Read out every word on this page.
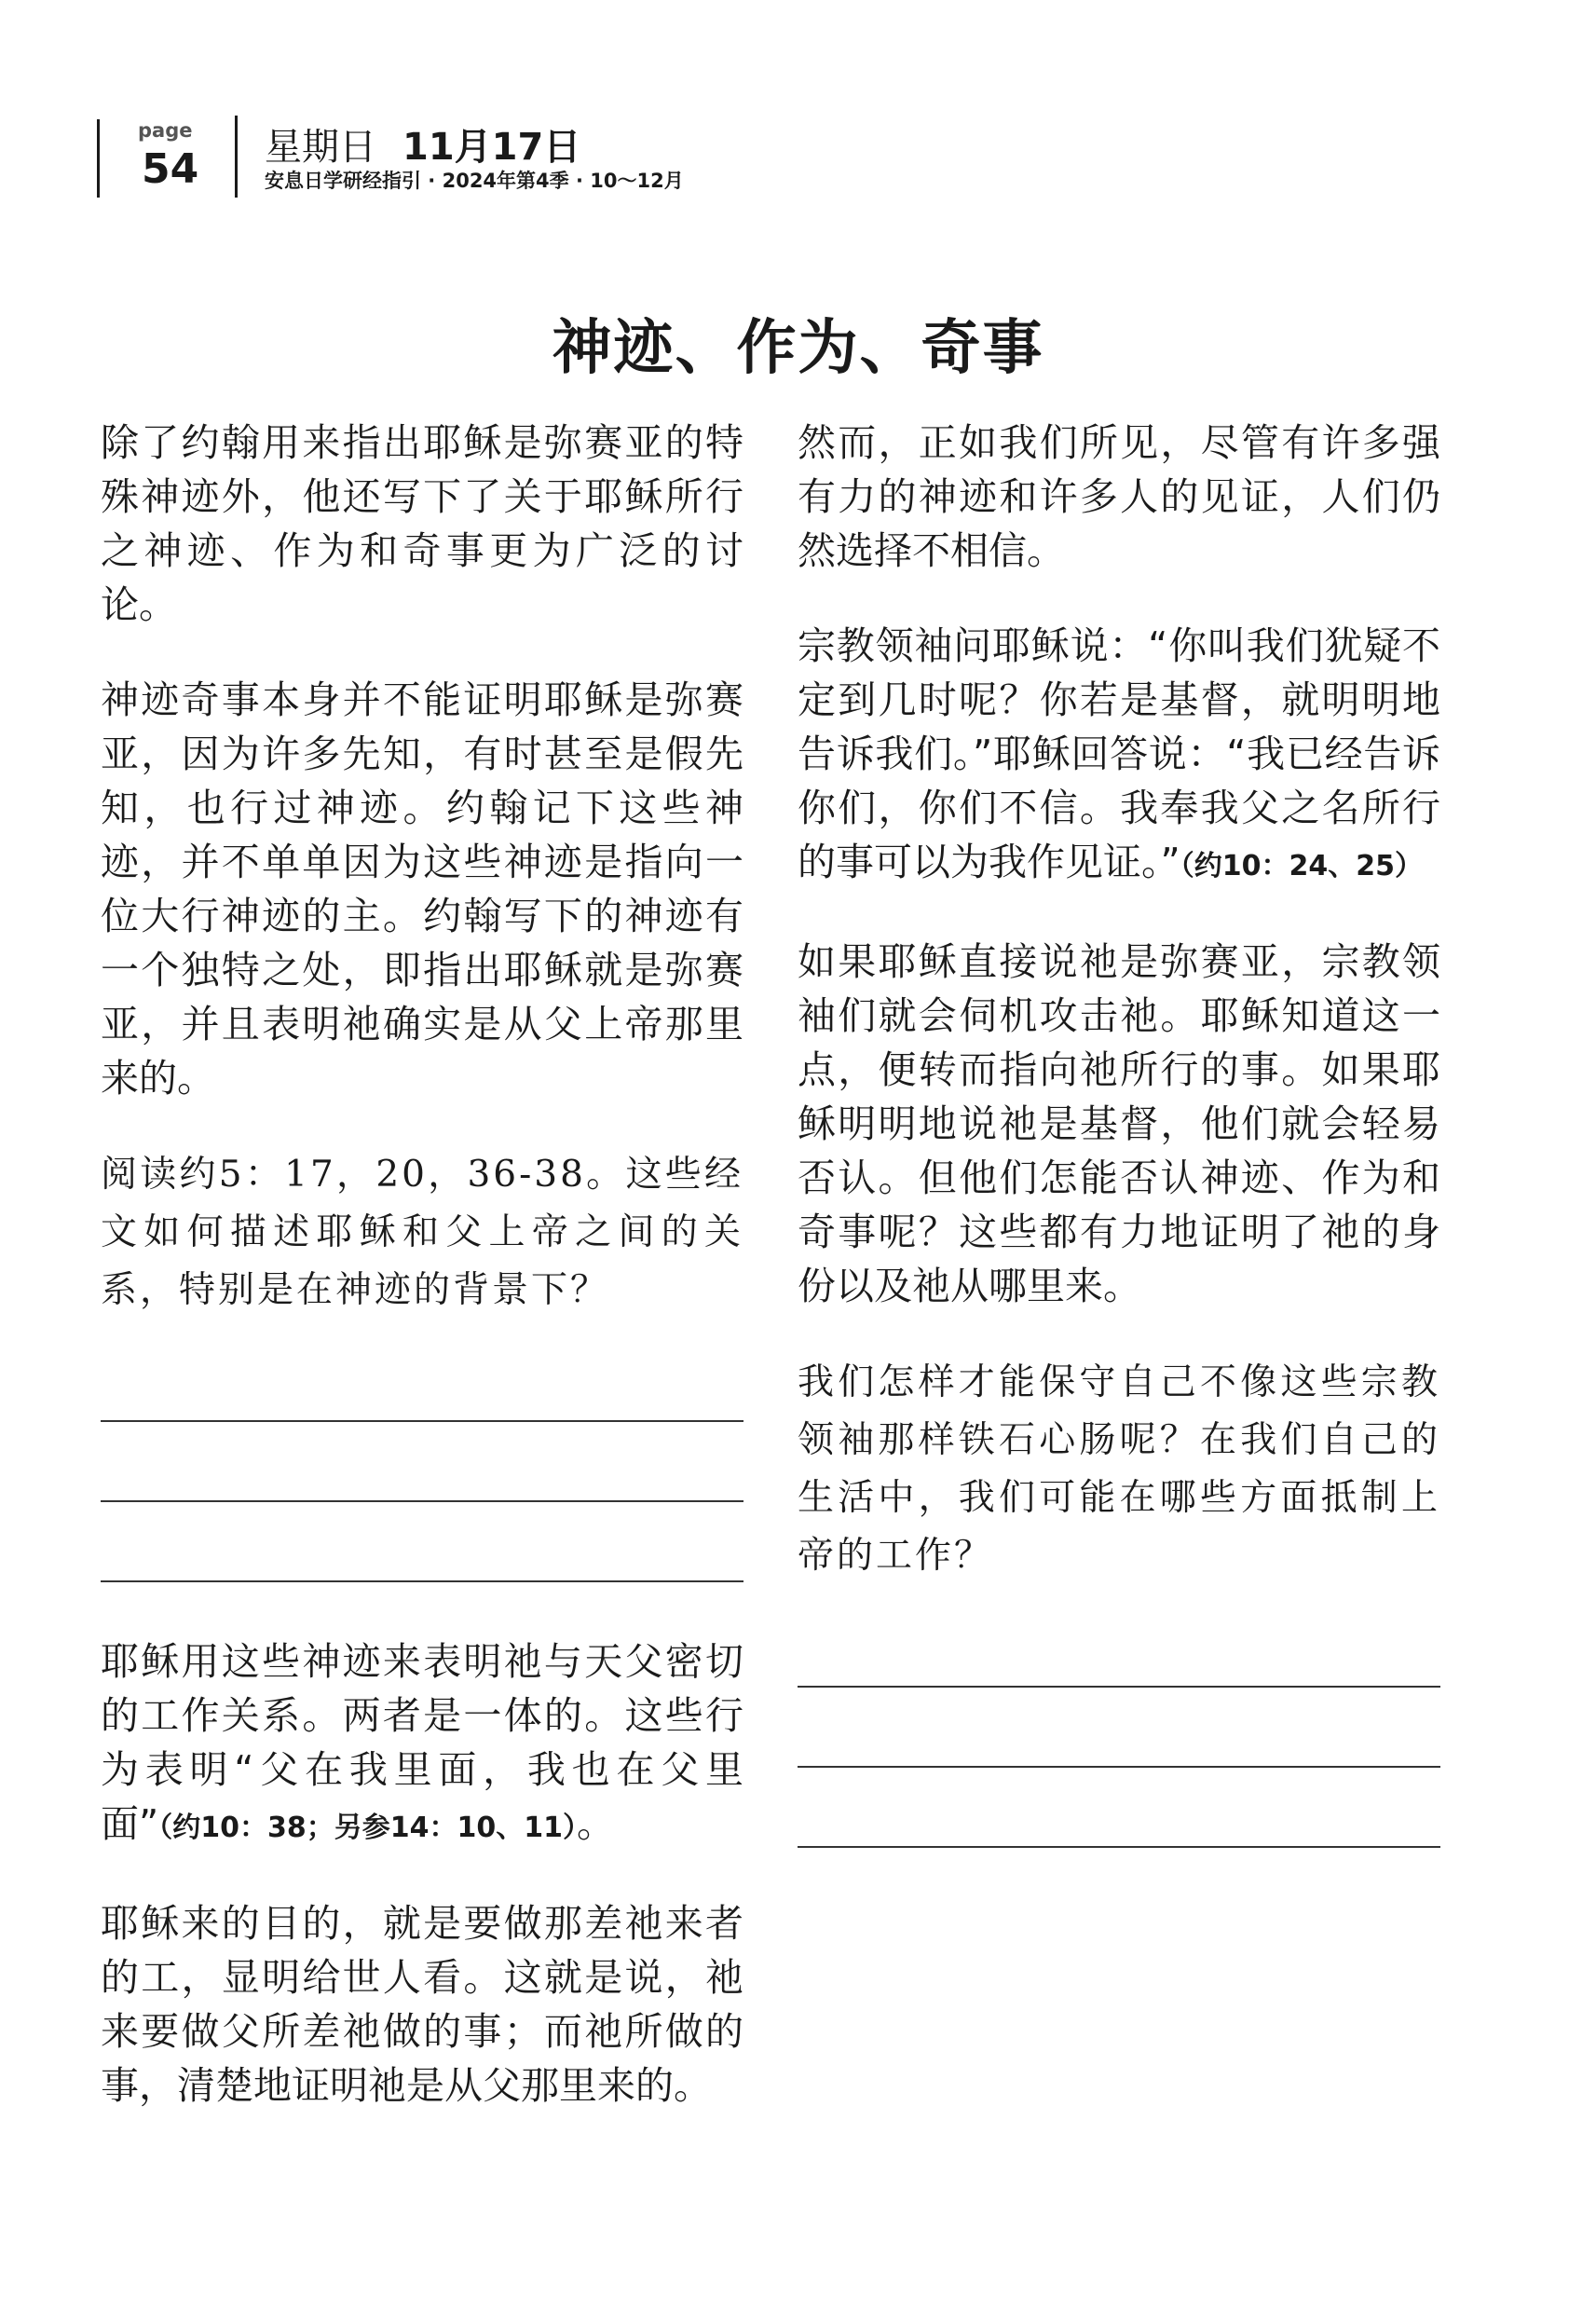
page
54 星期日 11月17日
安息日学研经指引 · 2024年第4季 · 10～12月
神迹、作为、奇事

除了约翰用来指出耶稣是弥赛亚的特殊神迹外，他还写下了关于耶稣所行之神迹、作为和奇事更为广泛的讨论。

神迹奇事本身并不能证明耶稣是弥赛亚，因为许多先知，有时甚至是假先知，也行过神迹。约翰记下这些神迹，并不单单因为这些神迹是指向一位大行神迹的主。约翰写下的神迹有一个独特之处，即指出耶稣就是弥赛亚，并且表明祂确实是从父上帝那里来的。

阅读约5：17，20，36-38。这些经文如何描述耶稣和父上帝之间的关系，特别是在神迹的背景下？

耶稣用这些神迹来表明祂与天父密切的工作关系。两者是一体的。这些行为表明“父在我里面，我也在父里面”（约10：38；另参14：10、11）。

耶稣来的目的，就是要做那差祂来者的工，显明给世人看。这就是说，祂来要做父所差祂做的事；而祂所做的事，清楚地证明祂是从父那里来的。

然而，正如我们所见，尽管有许多强有力的神迹和许多人的见证，人们仍然选择不相信。

宗教领袖问耶稣说：“你叫我们犹疑不定到几时呢？你若是基督，就明明地告诉我们。”耶稣回答说：“我已经告诉你们，你们不信。我奉我父之名所行的事可以为我作见证。”（约10：24、25）

如果耶稣直接说祂是弥赛亚，宗教领袖们就会伺机攻击祂。耶稣知道这一点，便转而指向祂所行的事。如果耶稣明明地说祂是基督，他们就会轻易否认。但他们怎能否认神迹、作为和奇事呢？这些都有力地证明了祂的身份以及祂从哪里来。

我们怎样才能保守自己不像这些宗教领袖那样铁石心肠呢？在我们自己的生活中，我们可能在哪些方面抵制上帝的工作？
